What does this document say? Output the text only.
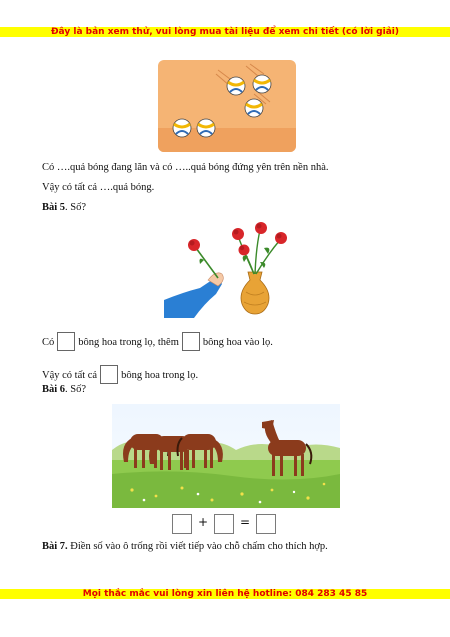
Đây là bản xem thử, vui lòng mua tài liệu để xem chi tiết (có lời giải)
Có ….quả bóng đang lăn và có …..quả bóng đứng yên trên nền nhà.
Vậy có tất cả ….quả bóng.
Bài 5. Số?
Có bông hoa trong lọ, thêm bông hoa vào lọ.
Vậy có tất cả bông hoa trong lọ.
Bài 6. Số?
+	=
Bài 7. Điền số vào ô trống rồi viết tiếp vào chỗ chấm cho thích hợp.
Mọi thắc mắc vui lòng xin liên hệ hotline: 084 283 45 85
